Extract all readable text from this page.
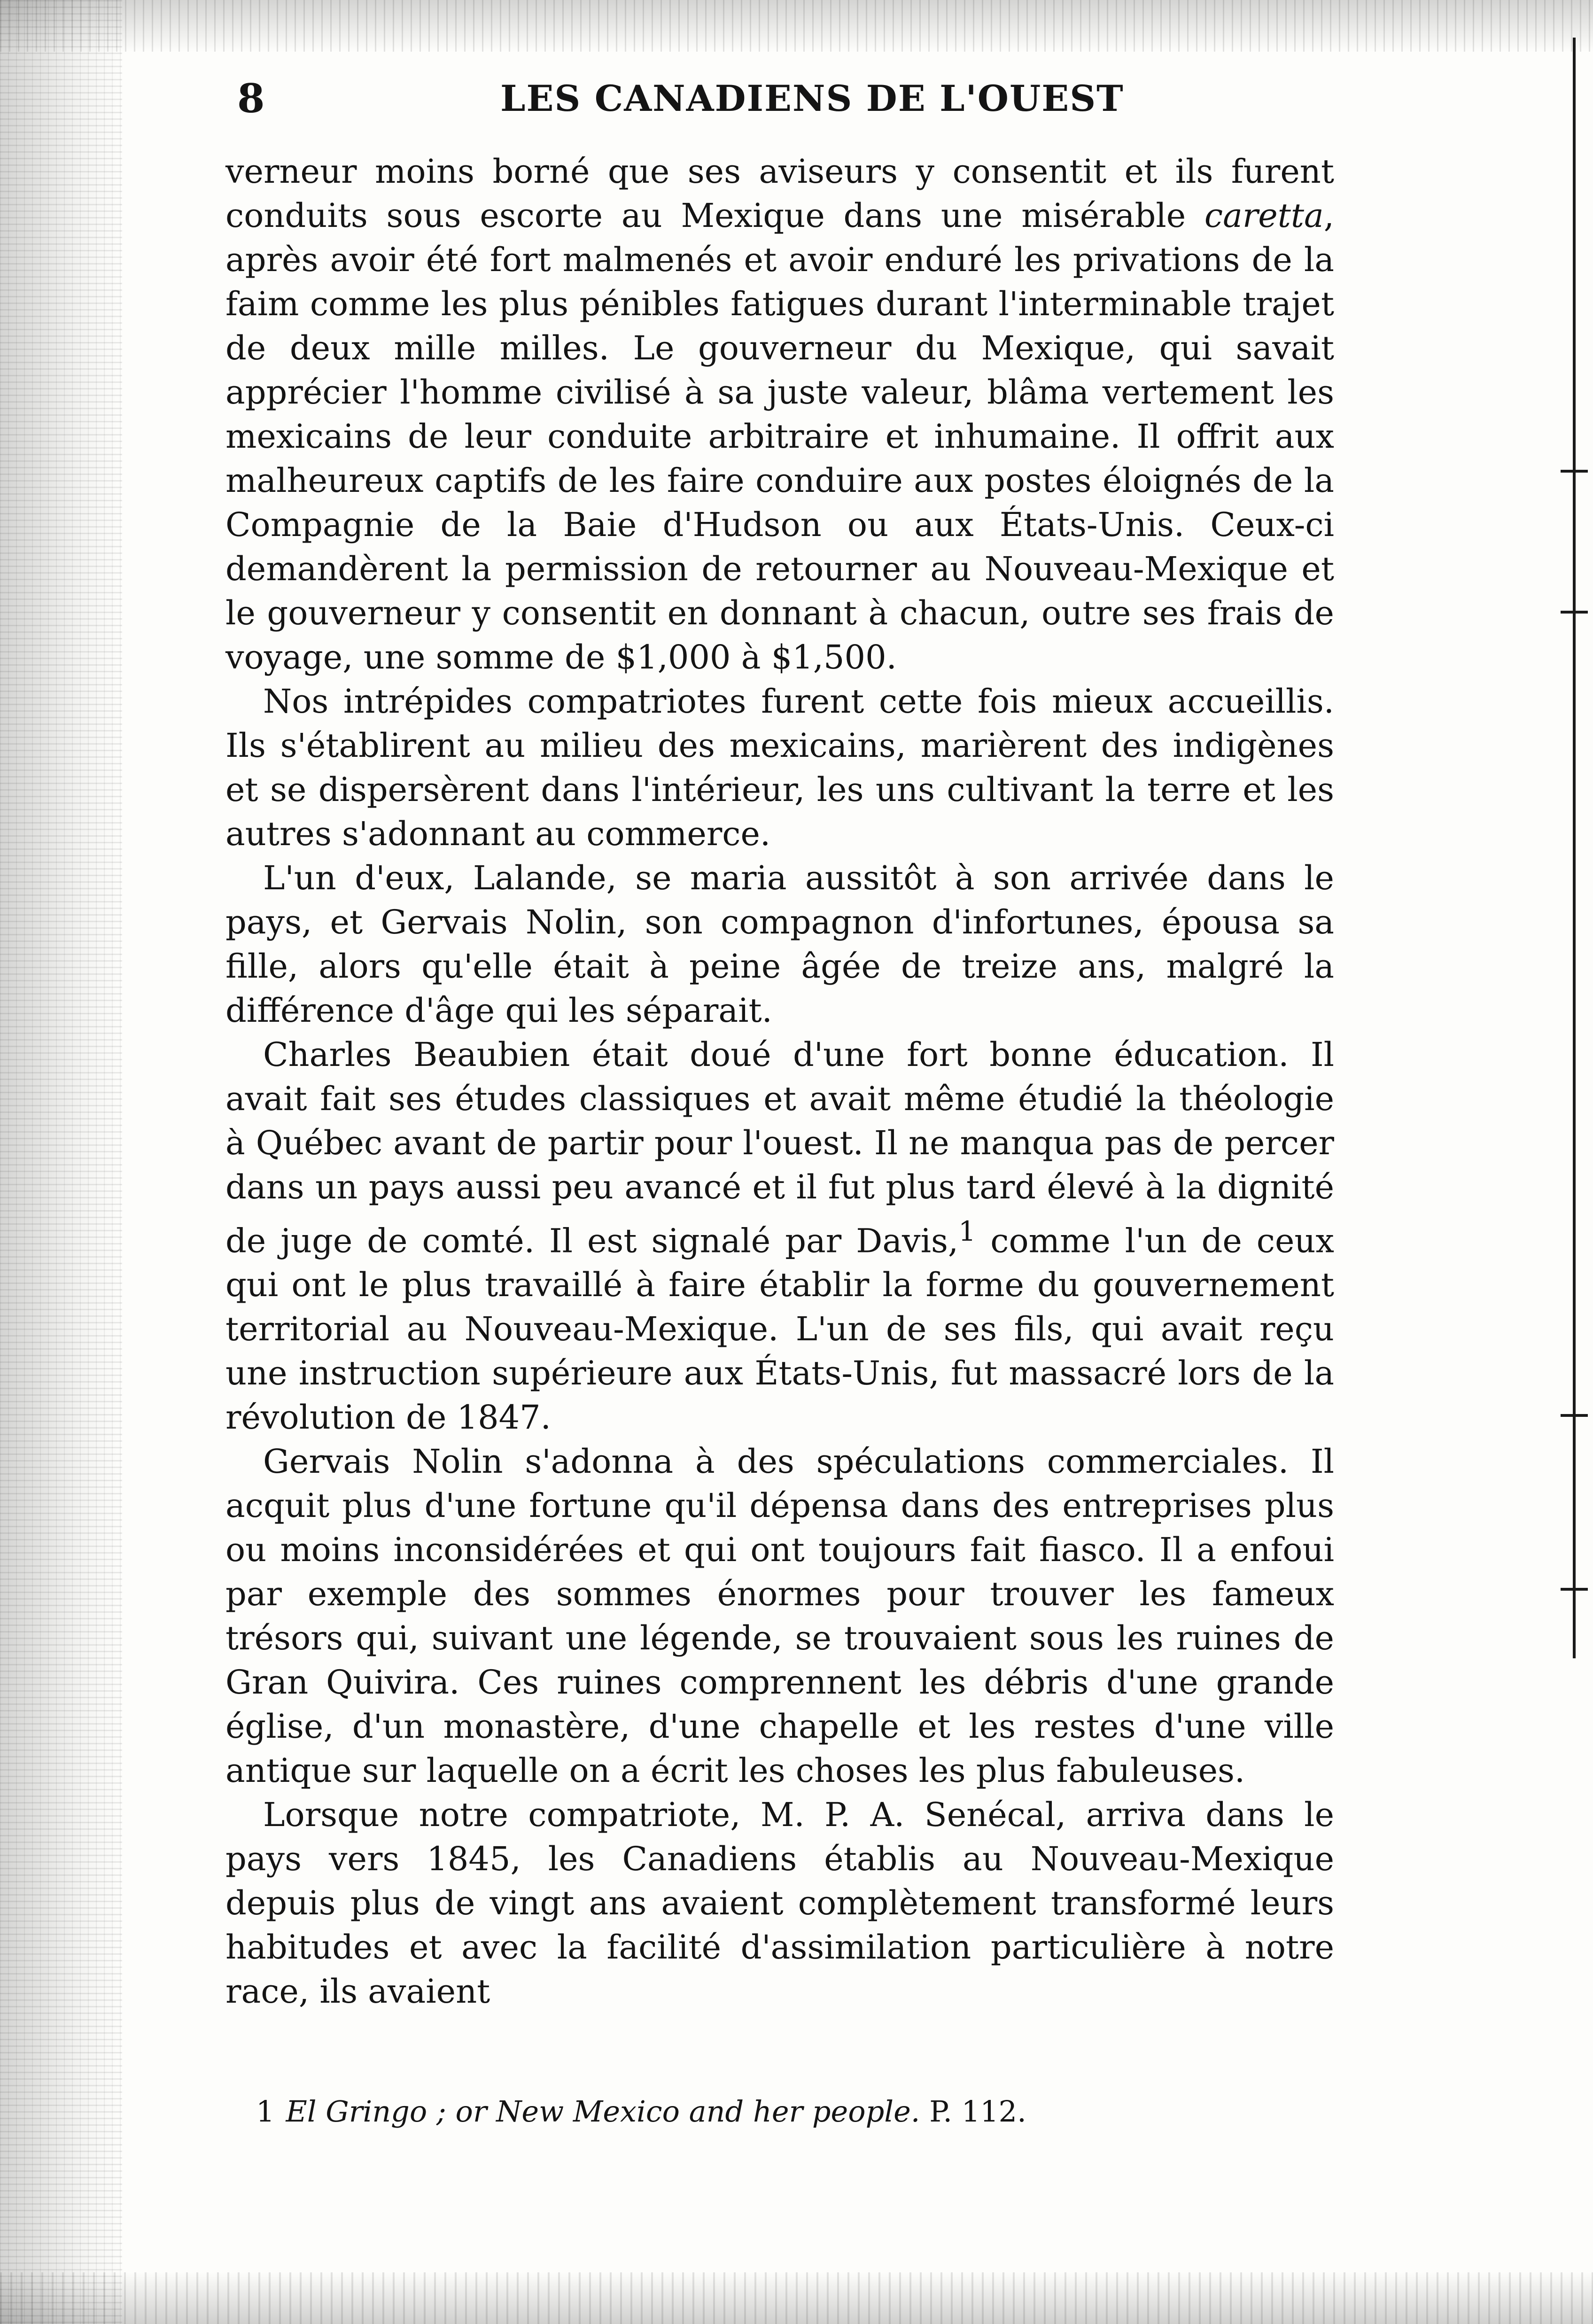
8	LES CANADIENS DE L'OUEST

verneur moins borné que ses aviseurs y consentit et ils furent conduits sous escorte au Mexique dans une misérable caretta, après avoir été fort malmenés et avoir enduré les privations de la faim comme les plus pénibles fatigues durant l'interminable trajet de deux mille milles. Le gouverneur du Mexique, qui savait apprécier l'homme civilisé à sa juste valeur, blâma vertement les mexicains de leur conduite arbitraire et inhumaine. Il offrit aux malheureux captifs de les faire conduire aux postes éloignés de la Compagnie de la Baie d'Hudson ou aux États-Unis. Ceux-ci demandèrent la permission de retourner au Nouveau-Mexique et le gouverneur y consentit en donnant à chacun, outre ses frais de voyage, une somme de $1,000 à $1,500.

Nos intrépides compatriotes furent cette fois mieux accueillis. Ils s'établirent au milieu des mexicains, marièrent des indigènes et se dispersèrent dans l'intérieur, les uns cultivant la terre et les autres s'adonnant au commerce.

L'un d'eux, Lalande, se maria aussitôt à son arrivée dans le pays, et Gervais Nolin, son compagnon d'infortunes, épousa sa fille, alors qu'elle était à peine âgée de treize ans, malgré la différence d'âge qui les séparait.

Charles Beaubien était doué d'une fort bonne éducation. Il avait fait ses études classiques et avait même étudié la théologie à Québec avant de partir pour l'ouest. Il ne manqua pas de percer dans un pays aussi peu avancé et il fut plus tard élevé à la dignité de juge de comté. Il est signalé par Davis,$^1$ comme l'un de ceux qui ont le plus travaillé à faire établir la forme du gouvernement territorial au Nouveau-Mexique. L'un de ses fils, qui avait reçu une instruction supérieure aux États-Unis, fut massacré lors de la révolution de 1847.

Gervais Nolin s'adonna à des spéculations commerciales. Il acquit plus d'une fortune qu'il dépensa dans des entreprises plus ou moins inconsidérées et qui ont toujours fait fiasco. Il a enfoui par exemple des sommes énormes pour trouver les fameux trésors qui, suivant une légende, se trouvaient sous les ruines de Gran Quivira. Ces ruines comprennent les débris d'une grande église, d'un monastère, d'une chapelle et les restes d'une ville antique sur laquelle on a écrit les choses les plus fabuleuses.

Lorsque notre compatriote, M. P. A. Senécal, arriva dans le pays vers 1845, les Canadiens établis au Nouveau-Mexique depuis plus de vingt ans avaient complètement transformé leurs habitudes et avec la facilité d'assimilation particulière à notre race, ils avaient

1 El Gringo ; or New Mexico and her people. P. 112.
